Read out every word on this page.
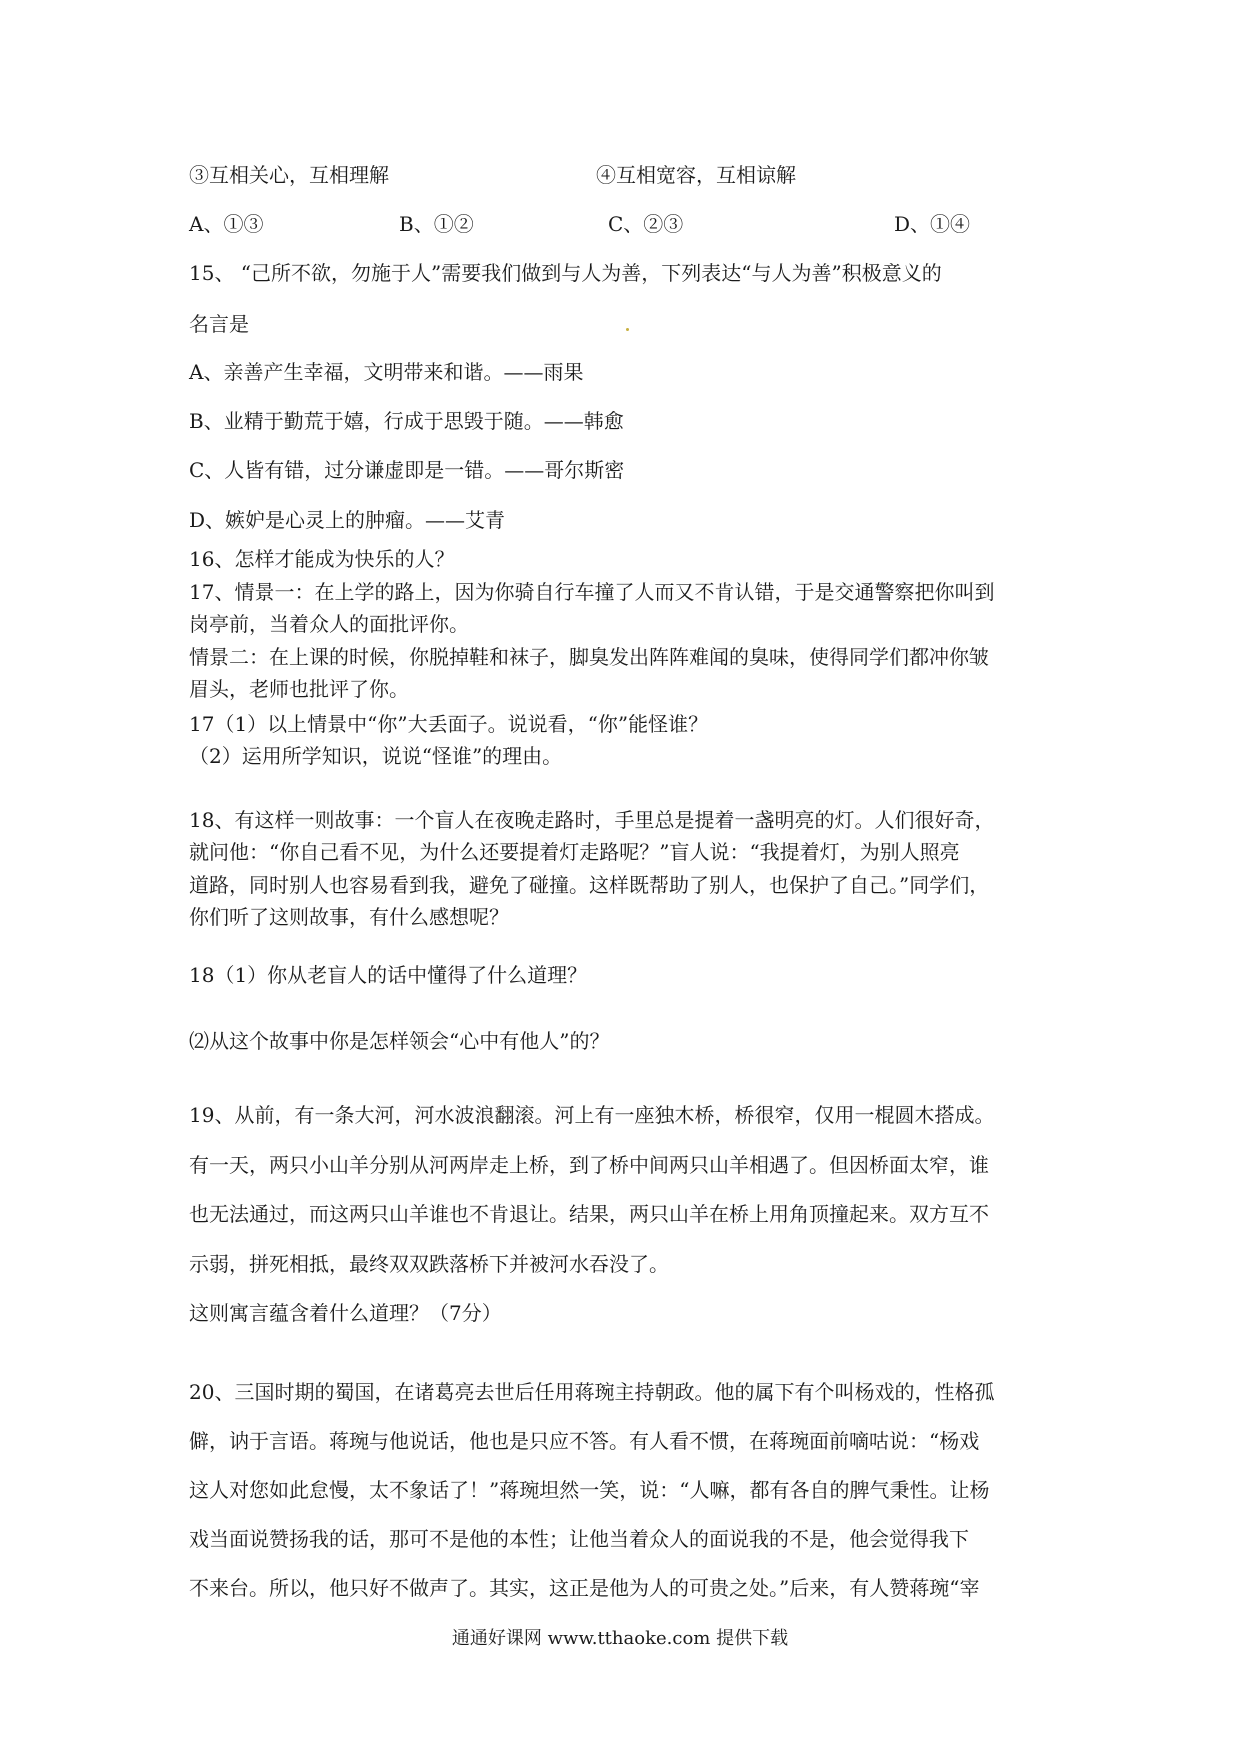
③互相关心，互相理解	④互相宽容，互相谅解
A、①③	B、①②	C、②③	D、①④
15、 “己所不欲，勿施于人”需要我们做到与人为善，下列表达“与人为善”积极意义的
名言是
A、亲善产生幸福，文明带来和谐。——雨果
B、业精于勤荒于嬉，行成于思毁于随。——韩愈
C、人皆有错，过分谦虚即是一错。——哥尔斯密
D、嫉妒是心灵上的肿瘤。——艾青
16、怎样才能成为快乐的人？
17、情景一：在上学的路上，因为你骑自行车撞了人而又不肯认错，于是交通警察把你叫到
岗亭前，当着众人的面批评你。
情景二：在上课的时候，你脱掉鞋和袜子，脚臭发出阵阵难闻的臭味，使得同学们都冲你皱
眉头，老师也批评了你。
17（1）以上情景中“你”大丢面子。说说看，“你”能怪谁？
（2）运用所学知识，说说“怪谁”的理由。
18、有这样一则故事：一个盲人在夜晚走路时，手里总是提着一盏明亮的灯。人们很好奇，
就问他：“你自己看不见，为什么还要提着灯走路呢？”盲人说：“我提着灯，为别人照亮
道路，同时别人也容易看到我，避免了碰撞。这样既帮助了别人，也保护了自己。”同学们，
你们听了这则故事，有什么感想呢？
18（1）你从老盲人的话中懂得了什么道理？
⑵从这个故事中你是怎样领会“心中有他人”的？
19、从前，有一条大河，河水波浪翻滚。河上有一座独木桥，桥很窄，仅用一棍圆木搭成。
有一天，两只小山羊分别从河两岸走上桥，到了桥中间两只山羊相遇了。但因桥面太窄，谁
也无法通过，而这两只山羊谁也不肯退让。结果，两只山羊在桥上用角顶撞起来。双方互不
示弱，拼死相抵，最终双双跌落桥下并被河水吞没了。
这则寓言蕴含着什么道理？（7分）
20、三国时期的蜀国，在诸葛亮去世后任用蒋琬主持朝政。他的属下有个叫杨戏的，性格孤
僻，讷于言语。蒋琬与他说话，他也是只应不答。有人看不惯，在蒋琬面前嘀咕说：“杨戏
这人对您如此怠慢，太不象话了！”蒋琬坦然一笑，说：“人嘛，都有各自的脾气秉性。让杨
戏当面说赞扬我的话，那可不是他的本性；让他当着众人的面说我的不是，他会觉得我下
不来台。所以，他只好不做声了。其实，这正是他为人的可贵之处。”后来，有人赞蒋琬“宰
通通好课网 www.tthaoke.com 提供下载
